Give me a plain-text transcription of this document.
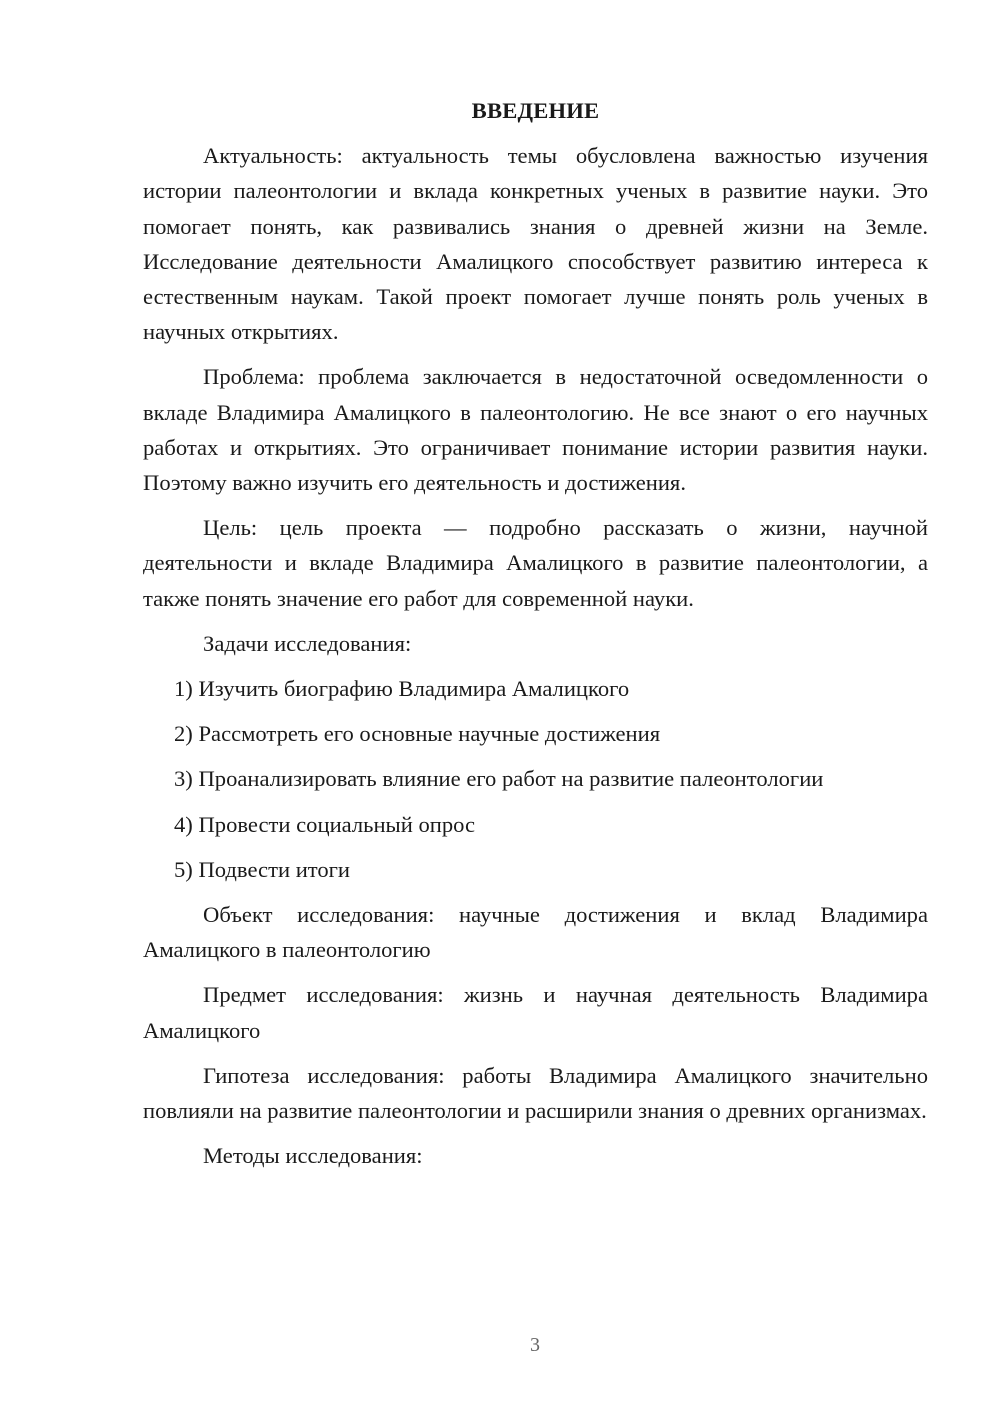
ВВЕДЕНИЕ
Актуальность: актуальность темы обусловлена важностью изучения истории палеонтологии и вклада конкретных ученых в развитие науки. Это помогает понять, как развивались знания о древней жизни на Земле. Исследование деятельности Амалицкого способствует развитию интереса к естественным наукам. Такой проект помогает лучше понять роль ученых в научных открытиях.
Проблема: проблема заключается в недостаточной осведомленности о вкладе Владимира Амалицкого в палеонтологию. Не все знают о его научных работах и открытиях. Это ограничивает понимание истории развития науки. Поэтому важно изучить его деятельность и достижения.
Цель: цель проекта — подробно рассказать о жизни, научной деятельности и вкладе Владимира Амалицкого в развитие палеонтологии, а также понять значение его работ для современной науки.
Задачи исследования:
1) Изучить биографию Владимира Амалицкого
2) Рассмотреть его основные научные достижения
3) Проанализировать влияние его работ на развитие палеонтологии
4) Провести социальный опрос
5) Подвести итоги
Объект исследования: научные достижения и вклад Владимира Амалицкого в палеонтологию
Предмет исследования: жизнь и научная деятельность Владимира Амалицкого
Гипотеза исследования: работы Владимира Амалицкого значительно повлияли на развитие палеонтологии и расширили знания о древних организмах.
Методы исследования:
3
